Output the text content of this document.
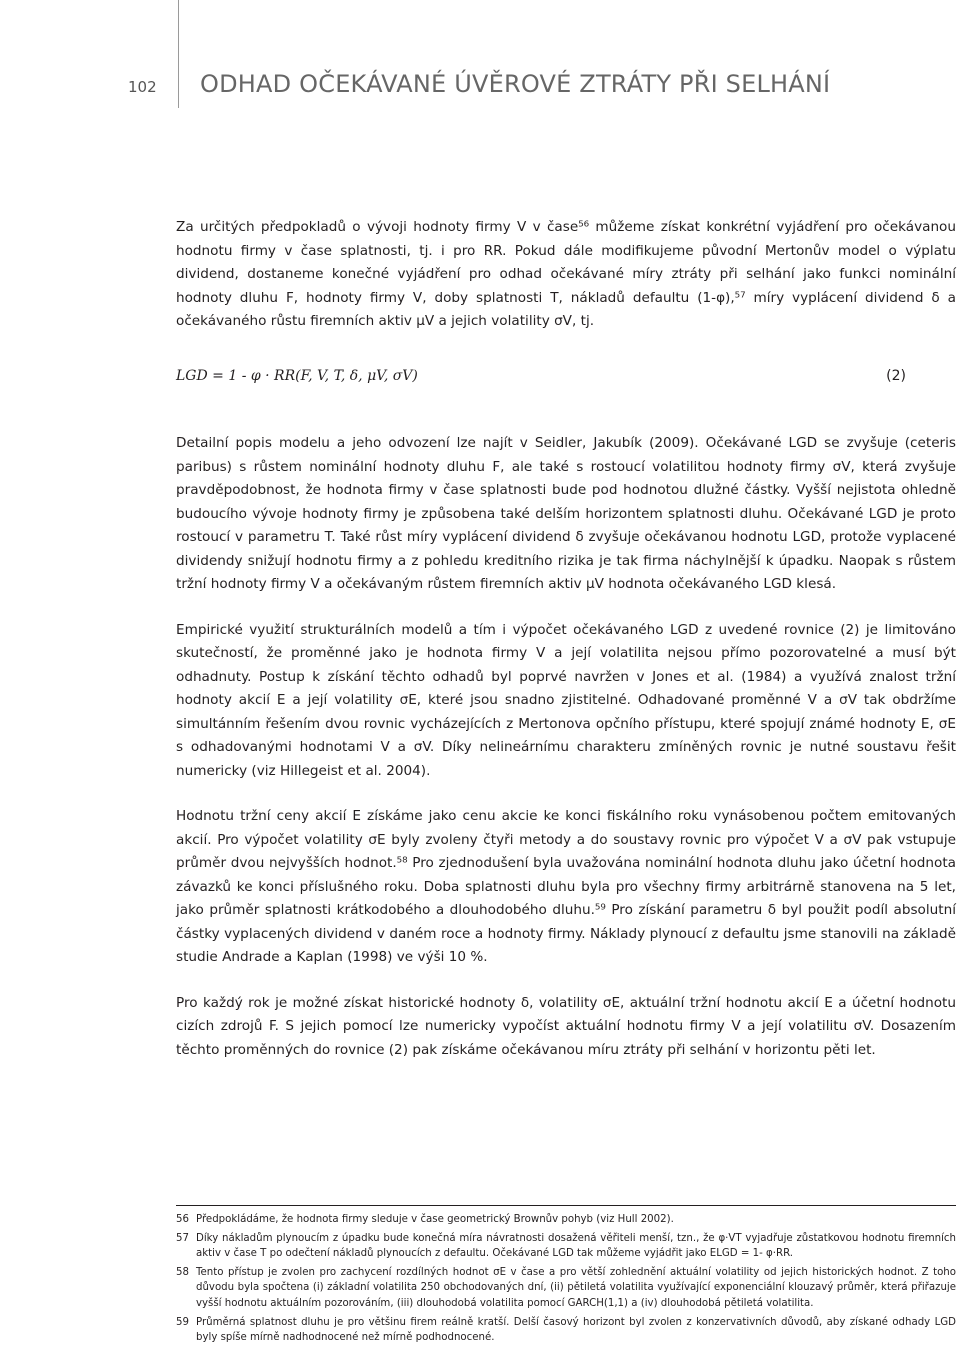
102 ODHAD OČEKÁVANÉ ÚVĚROVÉ ZTRÁTY PŘI SELHÁNÍ

Za určitých předpokladů o vývoji hodnoty firmy V v čase⁵⁶ můžeme získat konkrétní vyjádření pro očekávanou hodnotu firmy v čase splatnosti, tj. i pro RR. Pokud dále modifikujeme původní Mertonův model o výplatu dividend, dostaneme konečné vyjádření pro odhad očekávané míry ztráty při selhání jako funkci nominální hodnoty dluhu F, hodnoty firmy V, doby splatnosti T, nákladů defaultu (1-φ),⁵⁷ míry vyplácení dividend δ a očekávaného růstu firemních aktiv μV a jejich volatility σV, tj.

LGD = 1 - φ · RR(F, V, T, δ, μV, σV)	(2)

Detailní popis modelu a jeho odvození lze najít v Seidler, Jakubík (2009). Očekávané LGD se zvyšuje (ceteris paribus) s růstem nominální hodnoty dluhu F, ale také s rostoucí volatilitou hodnoty firmy σV, která zvyšuje pravděpodobnost, že hodnota firmy v čase splatnosti bude pod hodnotou dlužné částky. Vyšší nejistota ohledně budoucího vývoje hodnoty firmy je způsobena také delším horizontem splatnosti dluhu. Očekávané LGD je proto rostoucí v parametru T. Také růst míry vyplácení dividend δ zvyšuje očekávanou hodnotu LGD, protože vyplacené dividendy snižují hodnotu firmy a z pohledu kreditního rizika je tak firma náchylnější k úpadku. Naopak s růstem tržní hodnoty firmy V a očekávaným růstem firemních aktiv μV hodnota očekávaného LGD klesá.

Empirické využití strukturálních modelů a tím i výpočet očekávaného LGD z uvedené rovnice (2) je limitováno skutečností, že proměnné jako je hodnota firmy V a její volatilita nejsou přímo pozorovatelné a musí být odhadnuty. Postup k získání těchto odhadů byl poprvé navržen v Jones et al. (1984) a využívá znalost tržní hodnoty akcií E a její volatility σE, které jsou snadno zjistitelné. Odhadované proměnné V a σV tak obdržíme simultánním řešením dvou rovnic vycházejících z Mertonova opčního přístupu, které spojují známé hodnoty E, σE s odhadovanými hodnotami V a σV. Díky nelineárnímu charakteru zmíněných rovnic je nutné soustavu řešit numericky (viz Hillegeist et al. 2004).

Hodnotu tržní ceny akcií E získáme jako cenu akcie ke konci fiskálního roku vynásobenou počtem emitovaných akcií. Pro výpočet volatility σE byly zvoleny čtyři metody a do soustavy rovnic pro výpočet V a σV pak vstupuje průměr dvou nejvyšších hodnot.⁵⁸ Pro zjednodušení byla uvažována nominální hodnota dluhu jako účetní hodnota závazků ke konci příslušného roku. Doba splatnosti dluhu byla pro všechny firmy arbitrárně stanovena na 5 let, jako průměr splatnosti krátkodobého a dlouhodobého dluhu.⁵⁹ Pro získání parametru δ byl použit podíl absolutní částky vyplacených dividend v daném roce a hodnoty firmy. Náklady plynoucí z defaultu jsme stanovili na základě studie Andrade a Kaplan (1998) ve výši 10 %.

Pro každý rok je možné získat historické hodnoty δ, volatility σE, aktuální tržní hodnotu akcií E a účetní hodnotu cizích zdrojů F. S jejich pomocí lze numericky vypočíst aktuální hodnotu firmy V a její volatilitu σV. Dosazením těchto proměnných do rovnice (2) pak získáme očekávanou míru ztráty při selhání v horizontu pěti let.

56 Předpokládáme, že hodnota firmy sleduje v čase geometrický Brownův pohyb (viz Hull 2002).
57 Díky nákladům plynoucím z úpadku bude konečná míra návratnosti dosažená věřiteli menší, tzn., že φ·VT vyjadřuje zůstatkovou hodnotu firemních aktiv v čase T po odečtení nákladů plynoucích z defaultu. Očekávané LGD tak můžeme vyjádřit jako ELGD = 1- φ·RR.
58 Tento přístup je zvolen pro zachycení rozdílných hodnot σE v čase a pro větší zohlednění aktuální volatility od jejich historických hodnot. Z toho důvodu byla spočtena (i) základní volatilita 250 obchodovaných dní, (ii) pětiletá volatilita využívající exponenciální klouzavý průměr, která přiřazuje vyšší hodnotu aktuálním pozorováním, (iii) dlouhodobá volatilita pomocí GARCH(1,1) a (iv) dlouhodobá pětiletá volatilita.
59 Průměrná splatnost dluhu je pro většinu firem reálně kratší. Delší časový horizont byl zvolen z konzervativních důvodů, aby získané odhady LGD byly spíše mírně nadhodnocené než mírně podhodnocené.
